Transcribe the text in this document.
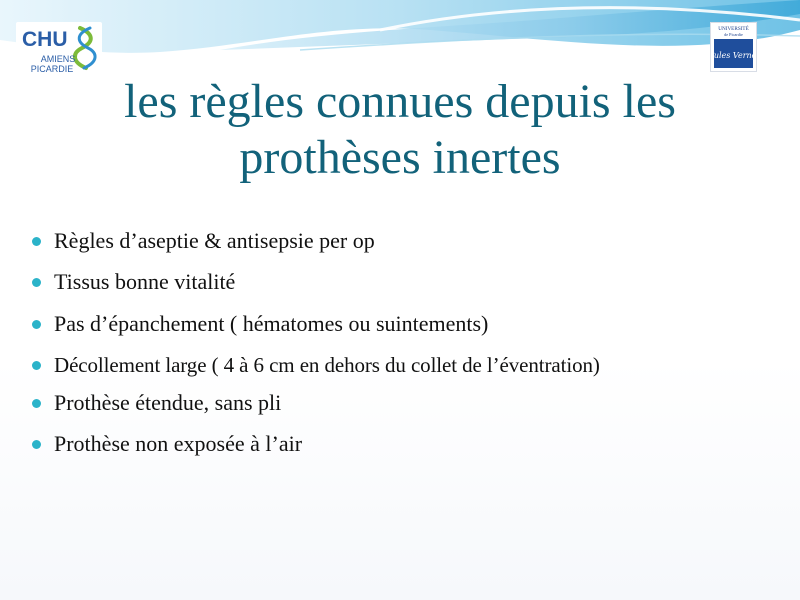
CHU
AMIENS
PICARDIE
UNIVERSITÉ
de Picardie
Jules Verne
les règles connues depuis les
prothèses inertes
Règles d’aseptie & antisepsie per op
Tissus bonne vitalité
Pas d’épanchement ( hématomes ou suintements)
Décollement large ( 4 à 6 cm en dehors du collet de l’éventration)
Prothèse étendue, sans pli
Prothèse non exposée à l’air
